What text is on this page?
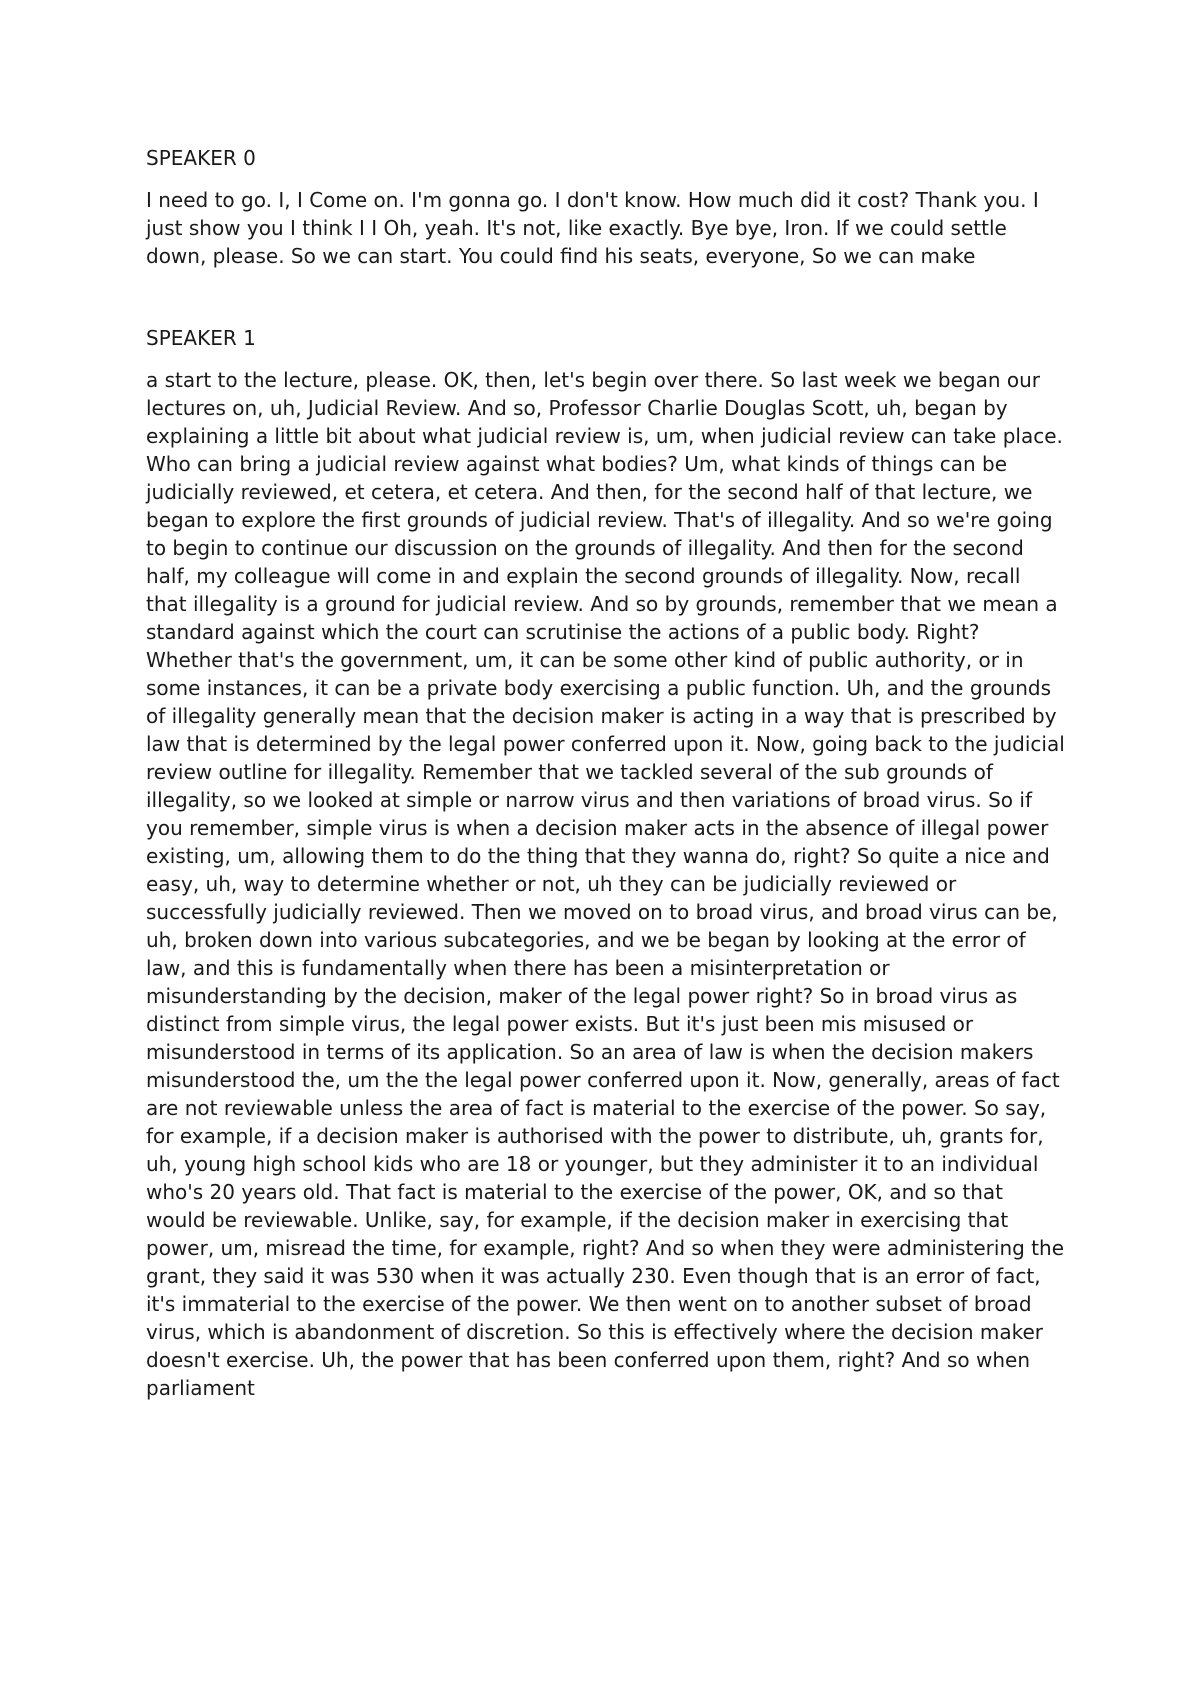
SPEAKER 0

I need to go. I, I Come on. I'm gonna go. I don't know. How much did it cost? Thank you. I just show you I think I I Oh, yeah. It's not, like exactly. Bye bye, Iron. If we could settle down, please. So we can start. You could find his seats, everyone, So we can make

SPEAKER 1

a start to the lecture, please. OK, then, let's begin over there. So last week we began our lectures on, uh, Judicial Review. And so, Professor Charlie Douglas Scott, uh, began by explaining a little bit about what judicial review is, um, when judicial review can take place. Who can bring a judicial review against what bodies? Um, what kinds of things can be judicially reviewed, et cetera, et cetera. And then, for the second half of that lecture, we began to explore the first grounds of judicial review. That's of illegality. And so we're going to begin to continue our discussion on the grounds of illegality. And then for the second half, my colleague will come in and explain the second grounds of illegality. Now, recall that illegality is a ground for judicial review. And so by grounds, remember that we mean a standard against which the court can scrutinise the actions of a public body. Right? Whether that's the government, um, it can be some other kind of public authority, or in some instances, it can be a private body exercising a public function. Uh, and the grounds of illegality generally mean that the decision maker is acting in a way that is prescribed by law that is determined by the legal power conferred upon it. Now, going back to the judicial review outline for illegality. Remember that we tackled several of the sub grounds of illegality, so we looked at simple or narrow virus and then variations of broad virus. So if you remember, simple virus is when a decision maker acts in the absence of illegal power existing, um, allowing them to do the thing that they wanna do, right? So quite a nice and easy, uh, way to determine whether or not, uh they can be judicially reviewed or successfully judicially reviewed. Then we moved on to broad virus, and broad virus can be, uh, broken down into various subcategories, and we be began by looking at the error of law, and this is fundamentally when there has been a misinterpretation or misunderstanding by the decision, maker of the legal power right? So in broad virus as distinct from simple virus, the legal power exists. But it's just been mis misused or misunderstood in terms of its application. So an area of law is when the decision makers misunderstood the, um the the legal power conferred upon it. Now, generally, areas of fact are not reviewable unless the area of fact is material to the exercise of the power. So say, for example, if a decision maker is authorised with the power to distribute, uh, grants for, uh, young high school kids who are 18 or younger, but they administer it to an individual who's 20 years old. That fact is material to the exercise of the power, OK, and so that would be reviewable. Unlike, say, for example, if the decision maker in exercising that power, um, misread the time, for example, right? And so when they were administering the grant, they said it was 530 when it was actually 230. Even though that is an error of fact, it's immaterial to the exercise of the power. We then went on to another subset of broad virus, which is abandonment of discretion. So this is effectively where the decision maker doesn't exercise. Uh, the power that has been conferred upon them, right? And so when parliament
